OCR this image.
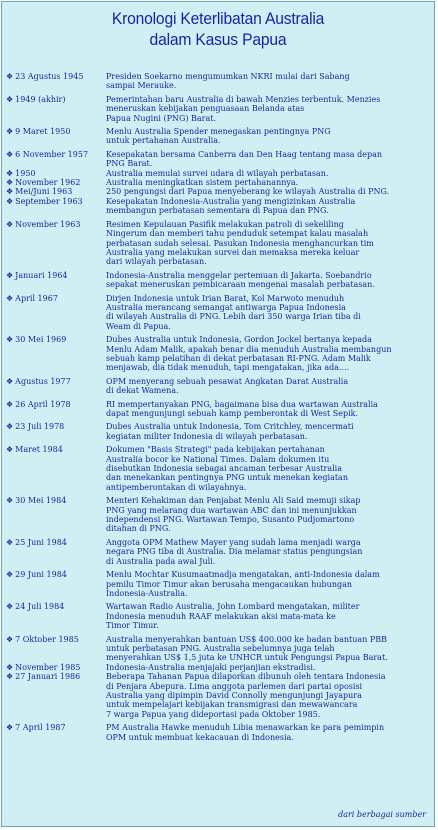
Kronologi Keterlibatan Australia
dalam Kasus Papua
❖ 23 Agustus 1945	Presiden Soekarno mengumumkan NKRI mulai dari Sabang
sampai Merauke.
❖ 1949 (akhir)	Pemerintahan baru Australia di bawah Menzies terbentuk. Menzies
meneruskan kebijakan penguasaan Belanda atas
Papua Nugini (PNG) Barat.
❖ 9 Maret 1950	Menlu Australia Spender menegaskan pentingnya PNG
untuk pertahanan Australia.
❖ 6 November 1957	Kesepakatan bersama Canberra dan Den Haag tentang masa depan
PNG Barat.
❖ 1950	Australia memulai survei udara di wilayah perbatasan.
❖ November 1962	Australia meningkatkan sistem pertahanannya.
❖ Mei/Juni 1963	250 pengungsi dari Papua menyeberang ke wilayah Australia di PNG.
❖ September 1963	Kesepakatan Indonesia-Australia yang mengizinkan Australia
membangun perbatasan sementara di Papua dan PNG.
❖ November 1963	Resimen Kepulauan Pasifik melakukan patroli di sekeliling
Ningerum dan memberi tahu penduduk setempat kalau masalah
perbatasan sudah selesai. Pasukan Indonesia menghancurkan tim
Australia yang melakukan survei dan memaksa mereka keluar
dari wilayah perbatasan.
❖ Januari 1964	Indonesia-Australia menggelar pertemuan di Jakarta. Soebandrio
sepakat meneruskan pembicaraan mengenai masalah perbatasan.
❖ April 1967	Dirjen Indonesia untuk Irian Barat, Kol Marwoto menuduh
Australia merancang semangat antiwarga Papua Indonesia
di wilayah Australia di PNG. Lebih dari 350 warga Irian tiba di
Weam di Papua.
❖ 30 Mei 1969	Dubes Australia untuk Indonesia, Gordon Jockel bertanya kepada
Menlu Adam Malik, apakah benar dia menuduh Australia membangun
sebuah kamp pelatihan di dekat perbatasan RI-PNG. Adam Malik
menjawab, dia tidak menuduh, tapi mengatakan, jika ada....
❖ Agustus 1977	OPM menyerang sebuah pesawat Angkatan Darat Australia
di dekat Wamena.
❖ 26 April 1978	RI mempertanyakan PNG, bagaimana bisa dua wartawan Australia
dapat mengunjungi sebuah kamp pemberontak di West Sepik.
❖ 23 Juli 1978	Dubes Australia untuk Indonesia, Tom Critchley, mencermati
kegiatan militer Indonesia di wilayah perbatasan.
❖ Maret 1984	Dokumen "Basis Strategi" pada kebijakan pertahanan
Australia bocor ke National Times. Dalam dokumen itu
disebutkan Indonesia sebagai ancaman terbesar Australia
dan menekankan pentingnya PNG untuk menekan kegiatan
antipemberontakan di wilayahnya.
❖ 30 Mei 1984	Menteri Kehakiman dan Penjabat Menlu Ali Said memuji sikap
PNG yang melarang dua wartawan ABC dan ini menunjukkan
independensi PNG. Wartawan Tempo, Susanto Pudjomartono
ditahan di PNG.
❖ 25 Juni 1984	Anggota OPM Mathew Mayer yang sudah lama menjadi warga
negara PNG tiba di Australia. Dia melamar status pengungsian
di Australia pada awal Juli.
❖ 29 Juni 1984	Menlu Mochtar Kusumaatmadja mengatakan, anti-Indonesia dalam
pemilu Timor Timur akan berusaha mengacaukan hubungan
Indonesia-Australia.
❖ 24 Juli 1984	Wartawan Radio Australia, John Lombard mengatakan, militer
Indonesia menuduh RAAF melakukan aksi mata-mata ke
Timor Timur.
❖ 7 Oktober 1985	Australia menyerahkan bantuan US$ 400.000 ke badan bantuan PBB
untuk perbatasan PNG. Australia sebelumnya juga telah
menyerahkan US$ 1,5 juta ke UNHCR untuk Pengungsi Papua Barat.
❖ November 1985	Indonesia-Australia menjajaki perjanjian ekstradisi.
❖ 27 Januari 1986	Beberapa Tahanan Papua dilaporkan dibunuh oleh tentara Indonesia
di Penjara Abepura. Lima anggota parlemen dari partai oposisi
Australia yang dipimpin David Connolly mengunjungi Jayapura
untuk mempelajari kebijakan transmigrasi dan mewawancara
7 warga Papua yang dideportasi pada Oktober 1985.
❖ 7 April 1987	PM Australia Hawke menuduh Libia menawarkan ke para pemimpin
OPM untuk membuat kekacauan di Indonesia.
dari berbagai sumber
